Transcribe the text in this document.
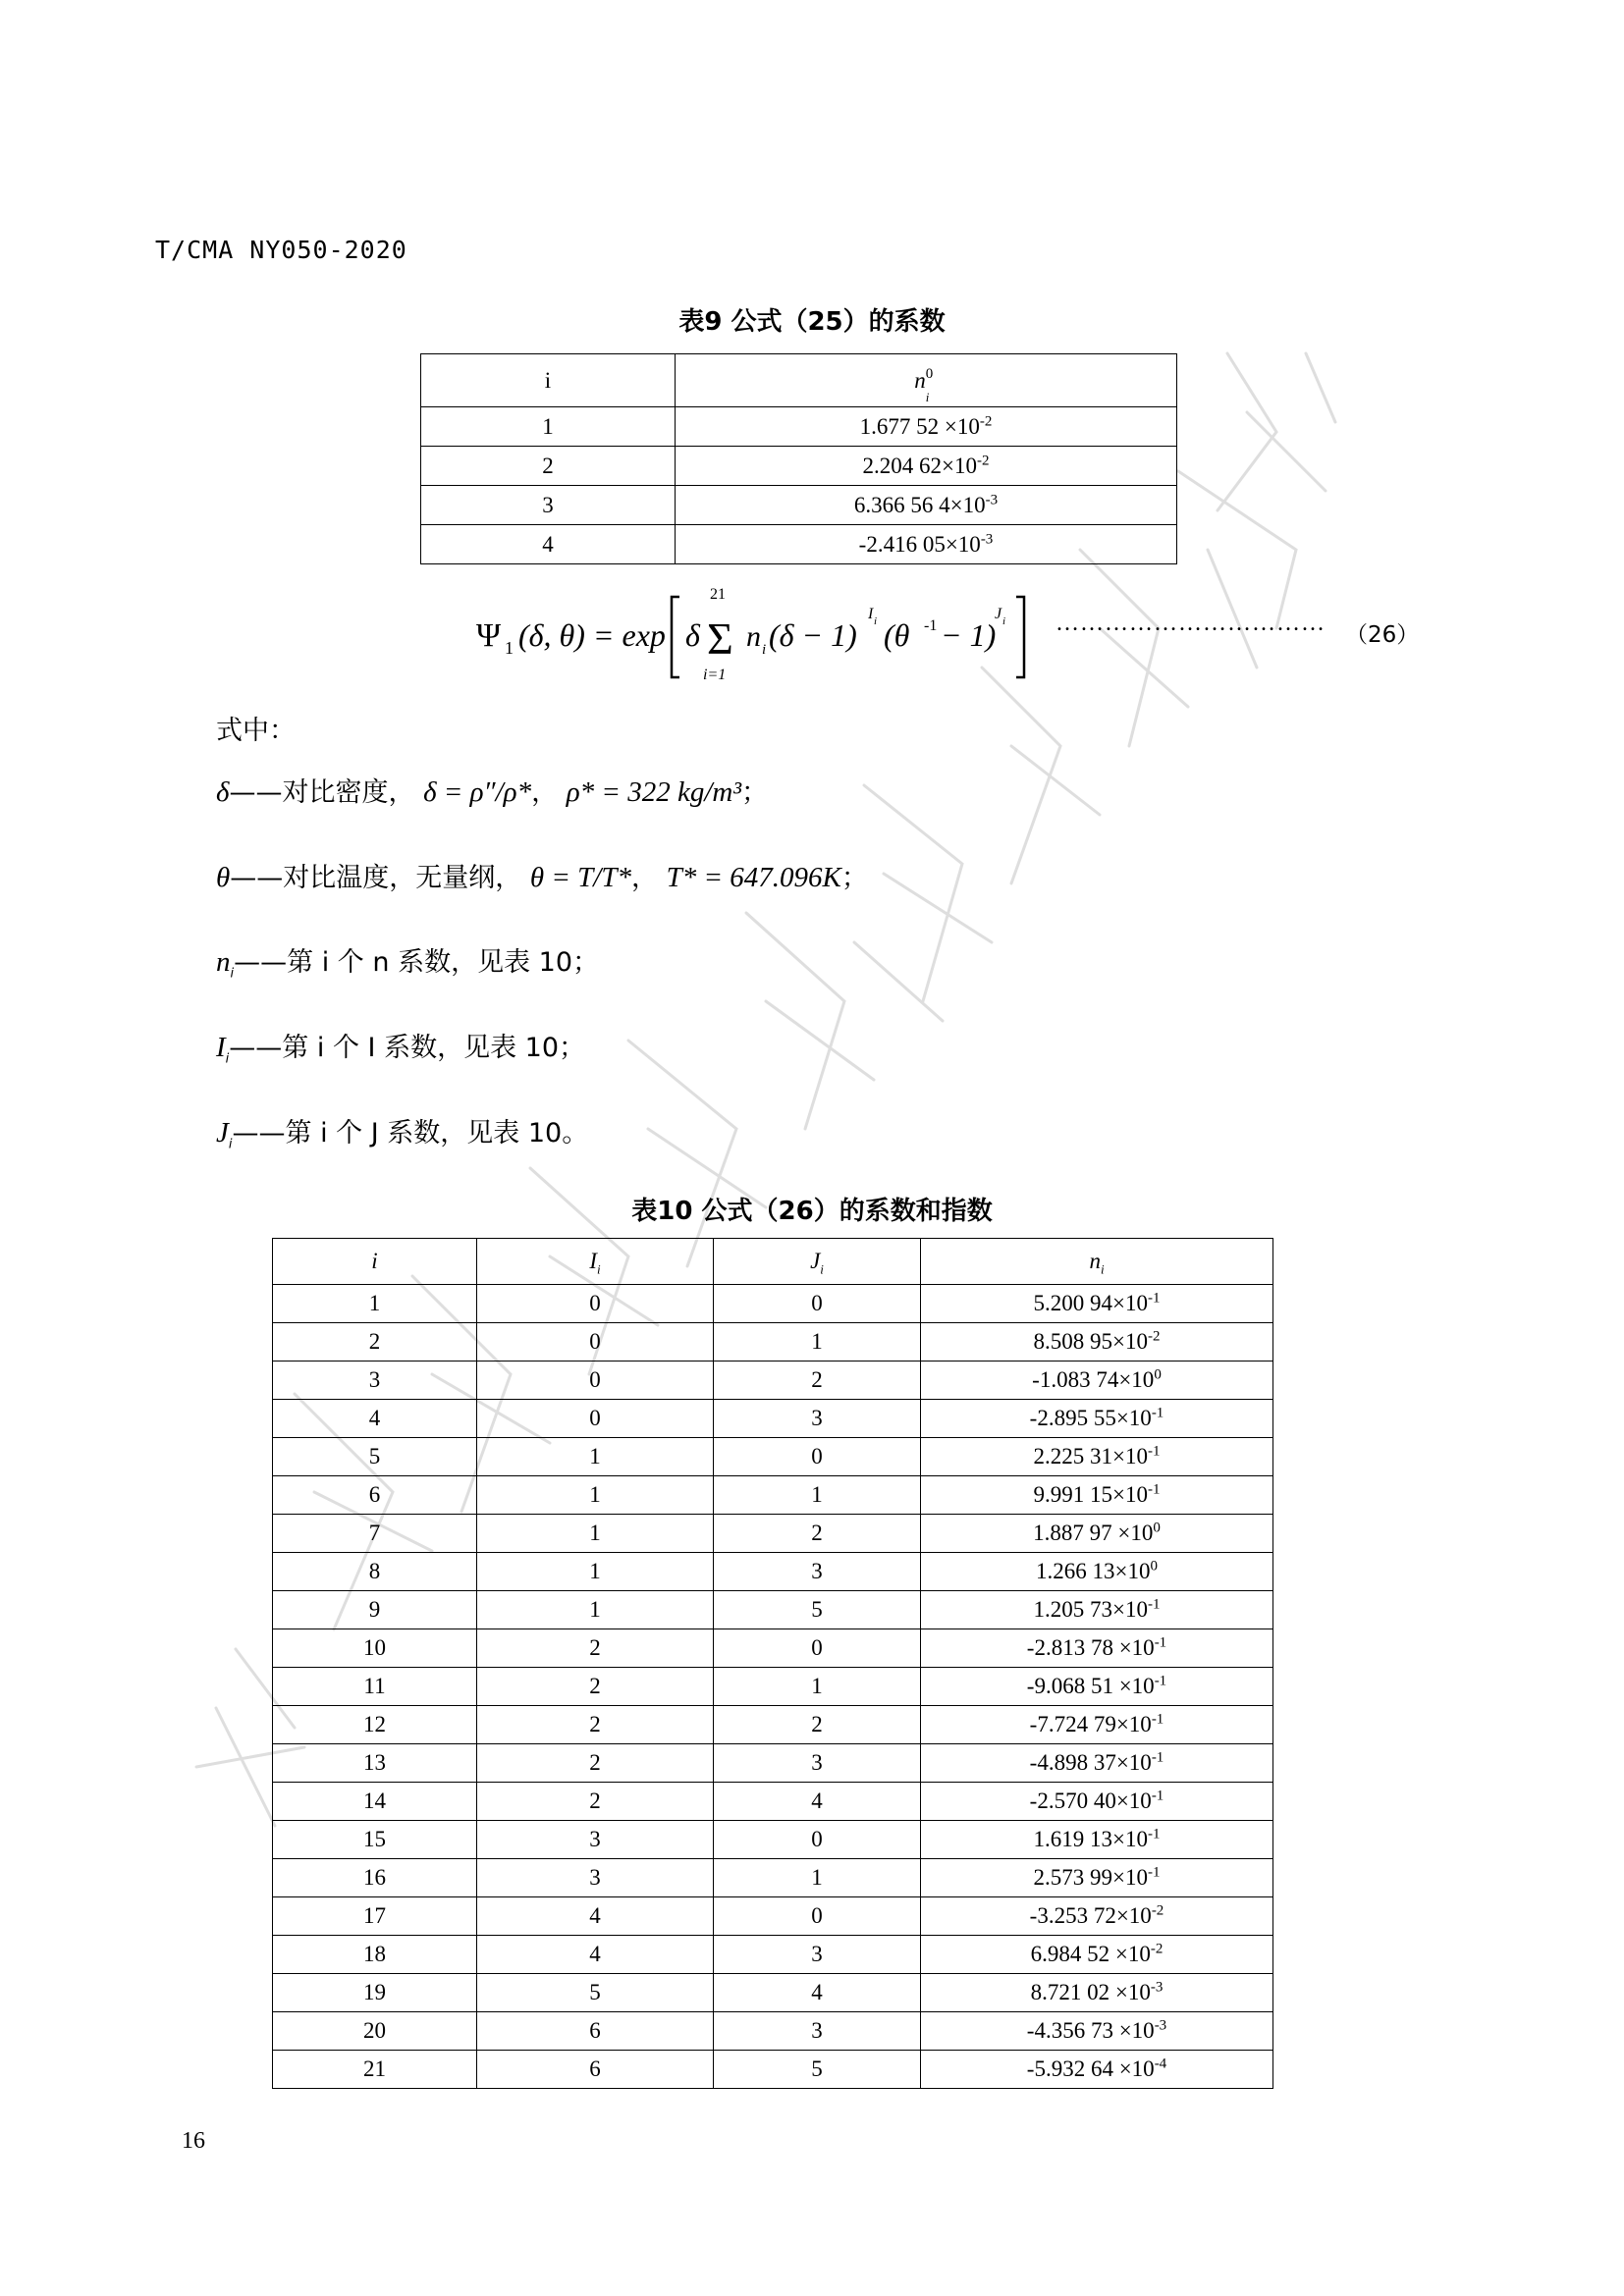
T/CMA NY050-2020
表9 公式（25）的系数
i	n 0
i

1	1.677 $52 \times 10^{-2}$
2	2.204 $62\times 10^{-2}$
3	6.366 56 $4\times 10^{-3}$
4	-2.416 $05\times 10^{-3}$
Ψ 1 (δ, θ) = exp δ Σ
21
i=1
n i (δ − 1)
I i (θ -1 − 1)
J i …………………………… （26）
式中：
δ——对比密度， δ = ρ″/ρ*， ρ* = 322 kg/m³；
θ——对比温度，无量纲， θ = T/T*， T* = 647.096K；
$n_i——$第 i 个 n 系数，见表 10；
$I_i——$第 i 个 I 系数，见表 10；
$J_i——$第 i 个 J 系数，见表 10。
表10 公式（26）的系数和指数
i	$I_i$	$J_i$	$n_i$
1	0	0	5.200 $94\times 10^{-1}$
2	0	1	8.508 $95\times 10^{-2}$
3	0	2	-1.083 $74\times 10^0$
4	0	3	-2.895 $55\times 10^{-1}$
5	1	0	2.225 $31\times 10^{-1}$
6	1	1	9.991 $15\times 10^{-1}$
7	1	2	1.887 $97 \times 10^0$
8	1	3	1.266 $13\times 10^0$
9	1	5	1.205 $73\times 10^{-1}$
10	2	0	-2.813 $78 \times 10^{-1}$
11	2	1	-9.068 $51 \times 10^{-1}$
12	2	2	-7.724 $79\times 10^{-1}$
13	2	3	-4.898 $37\times 10^{-1}$
14	2	4	-2.570 $40\times 10^{-1}$
15	3	0	1.619 $13\times 10^{-1}$
16	3	1	2.573 $99\times 10^{-1}$
17	4	0	-3.253 $72\times 10^{-2}$
18	4	3	6.984 $52 \times 10^{-2}$
19	5	4	8.721 $02 \times 10^{-3}$
20	6	3	-4.356 $73 \times 10^{-3}$
21	6	5	-5.932 $64 \times 10^{-4}$
16
